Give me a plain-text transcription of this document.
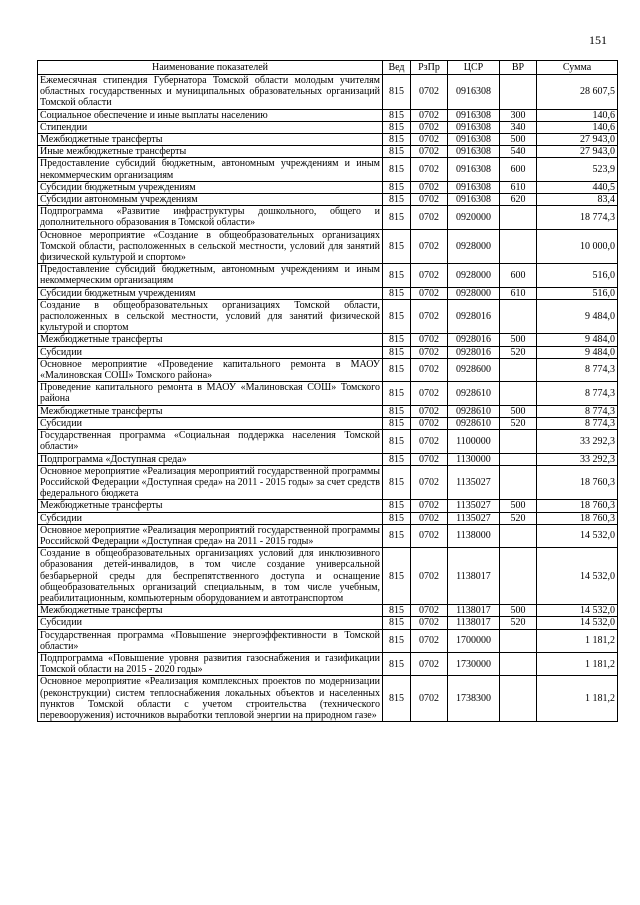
151
Наименование показателей	Вед	РзПр	ЦСР	ВР	Сумма
Ежемесячная стипендия Губернатора Томской области молодым учителям областных государственных и муниципальных образовательных организаций Томской области	815	0702	0916308		28 607,5
Социальное обеспечение и иные выплаты населению	815	0702	0916308	300	140,6
Стипендии	815	0702	0916308	340	140,6
Межбюджетные трансферты	815	0702	0916308	500	27 943,0
Иные межбюджетные трансферты	815	0702	0916308	540	27 943,0
Предоставление субсидий бюджетным, автономным учреждениям и иным некоммерческим организациям	815	0702	0916308	600	523,9
Субсидии бюджетным учреждениям	815	0702	0916308	610	440,5
Субсидии автономным учреждениям	815	0702	0916308	620	83,4
Подпрограмма «Развитие инфраструктуры дошкольного, общего и дополнительного образования в Томской области»	815	0702	0920000		18 774,3
Основное мероприятие «Создание в общеобразовательных организациях Томской области, расположенных в сельской местности, условий для занятий физической культурой и спортом»	815	0702	0928000		10 000,0
Предоставление субсидий бюджетным, автономным учреждениям и иным некоммерческим организациям	815	0702	0928000	600	516,0
Субсидии бюджетным учреждениям	815	0702	0928000	610	516,0
Создание в общеобразовательных организациях Томской области, расположенных в сельской местности, условий для занятий физической культурой и спортом	815	0702	0928016		9 484,0
Межбюджетные трансферты	815	0702	0928016	500	9 484,0
Субсидии	815	0702	0928016	520	9 484,0
Основное мероприятие «Проведение капитального ремонта в МАОУ «Малиновская СОШ» Томского района»	815	0702	0928600		8 774,3
Проведение капитального ремонта в МАОУ «Малиновская СОШ» Томского района	815	0702	0928610		8 774,3
Межбюджетные трансферты	815	0702	0928610	500	8 774,3
Субсидии	815	0702	0928610	520	8 774,3
Государственная программа «Социальная поддержка населения Томской области»	815	0702	1100000		33 292,3
Подпрограмма «Доступная среда»	815	0702	1130000		33 292,3
Основное мероприятие «Реализация мероприятий государственной программы Российской Федерации «Доступная среда» на 2011 - 2015 годы» за счет средств федерального бюджета	815	0702	1135027		18 760,3
Межбюджетные трансферты	815	0702	1135027	500	18 760,3
Субсидии	815	0702	1135027	520	18 760,3
Основное мероприятие «Реализация мероприятий государственной программы Российской Федерации «Доступная среда» на 2011 - 2015 годы»	815	0702	1138000		14 532,0
Создание в общеобразовательных организациях условий для инклюзивного образования детей-инвалидов, в том числе создание универсальной безбарьерной среды для беспрепятственного доступа и оснащение общеобразовательных организаций специальным, в том числе учебным, реабилитационным, компьютерным оборудованием и автотранспортом	815	0702	1138017		14 532,0
Межбюджетные трансферты	815	0702	1138017	500	14 532,0
Субсидии	815	0702	1138017	520	14 532,0
Государственная программа «Повышение энергоэффективности в Томской области»	815	0702	1700000		1 181,2
Подпрограмма «Повышение уровня развития газоснабжения и газификации Томской области на 2015 - 2020 годы»	815	0702	1730000		1 181,2
Основное мероприятие «Реализация комплексных проектов по модернизации (реконструкции) систем теплоснабжения локальных объектов и населенных пунктов Томской области с учетом строительства (технического перевооружения) источников выработки тепловой энергии на природном газе»	815	0702	1738300		1 181,2
